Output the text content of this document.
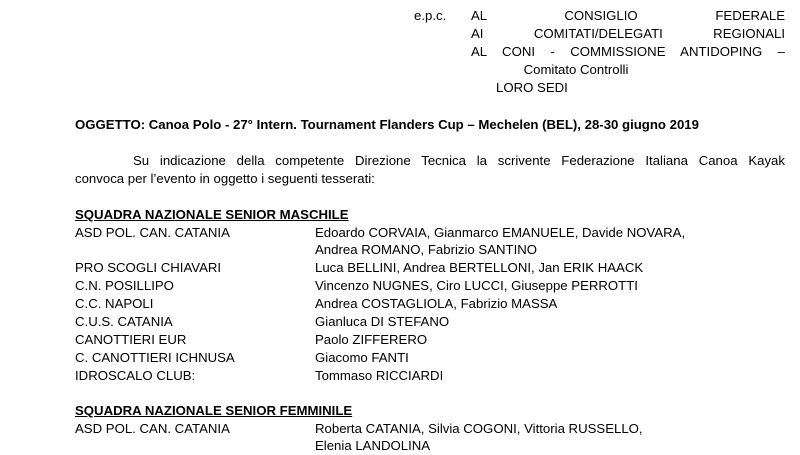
e.p.c. AL CONSIGLIO FEDERALE
AI COMITATI/DELEGATI REGIONALI
AL CONI - COMMISSIONE ANTIDOPING –
Comitato Controlli
LORO SEDI
OGGETTO: Canoa Polo - 27° Intern. Tournament Flanders Cup – Mechelen (BEL), 28-30 giugno 2019
Su indicazione della competente Direzione Tecnica la scrivente Federazione Italiana Canoa Kayak
convoca per l’evento in oggetto i seguenti tesserati:
SQUADRA NAZIONALE SENIOR MASCHILE
ASD POL. CAN. CATANIA	Edoardo CORVAIA, Gianmarco EMANUELE, Davide NOVARA,
Andrea ROMANO, Fabrizio SANTINO
PRO SCOGLI CHIAVARI	Luca BELLINI, Andrea BERTELLONI, Jan ERIK HAACK
C.N. POSILLIPO	Vincenzo NUGNES, Ciro LUCCI, Giuseppe PERROTTI
C.C. NAPOLI	Andrea COSTAGLIOLA, Fabrizio MASSA
C.U.S. CATANIA	Gianluca DI STEFANO
CANOTTIERI EUR	Paolo ZIFFERERO
C. CANOTTIERI ICHNUSA	Giacomo FANTI
IDROSCALO CLUB:	Tommaso RICCIARDI
SQUADRA NAZIONALE SENIOR FEMMINILE
ASD POL. CAN. CATANIA	Roberta CATANIA, Silvia COGONI, Vittoria RUSSELLO,
Elenia LANDOLINA
